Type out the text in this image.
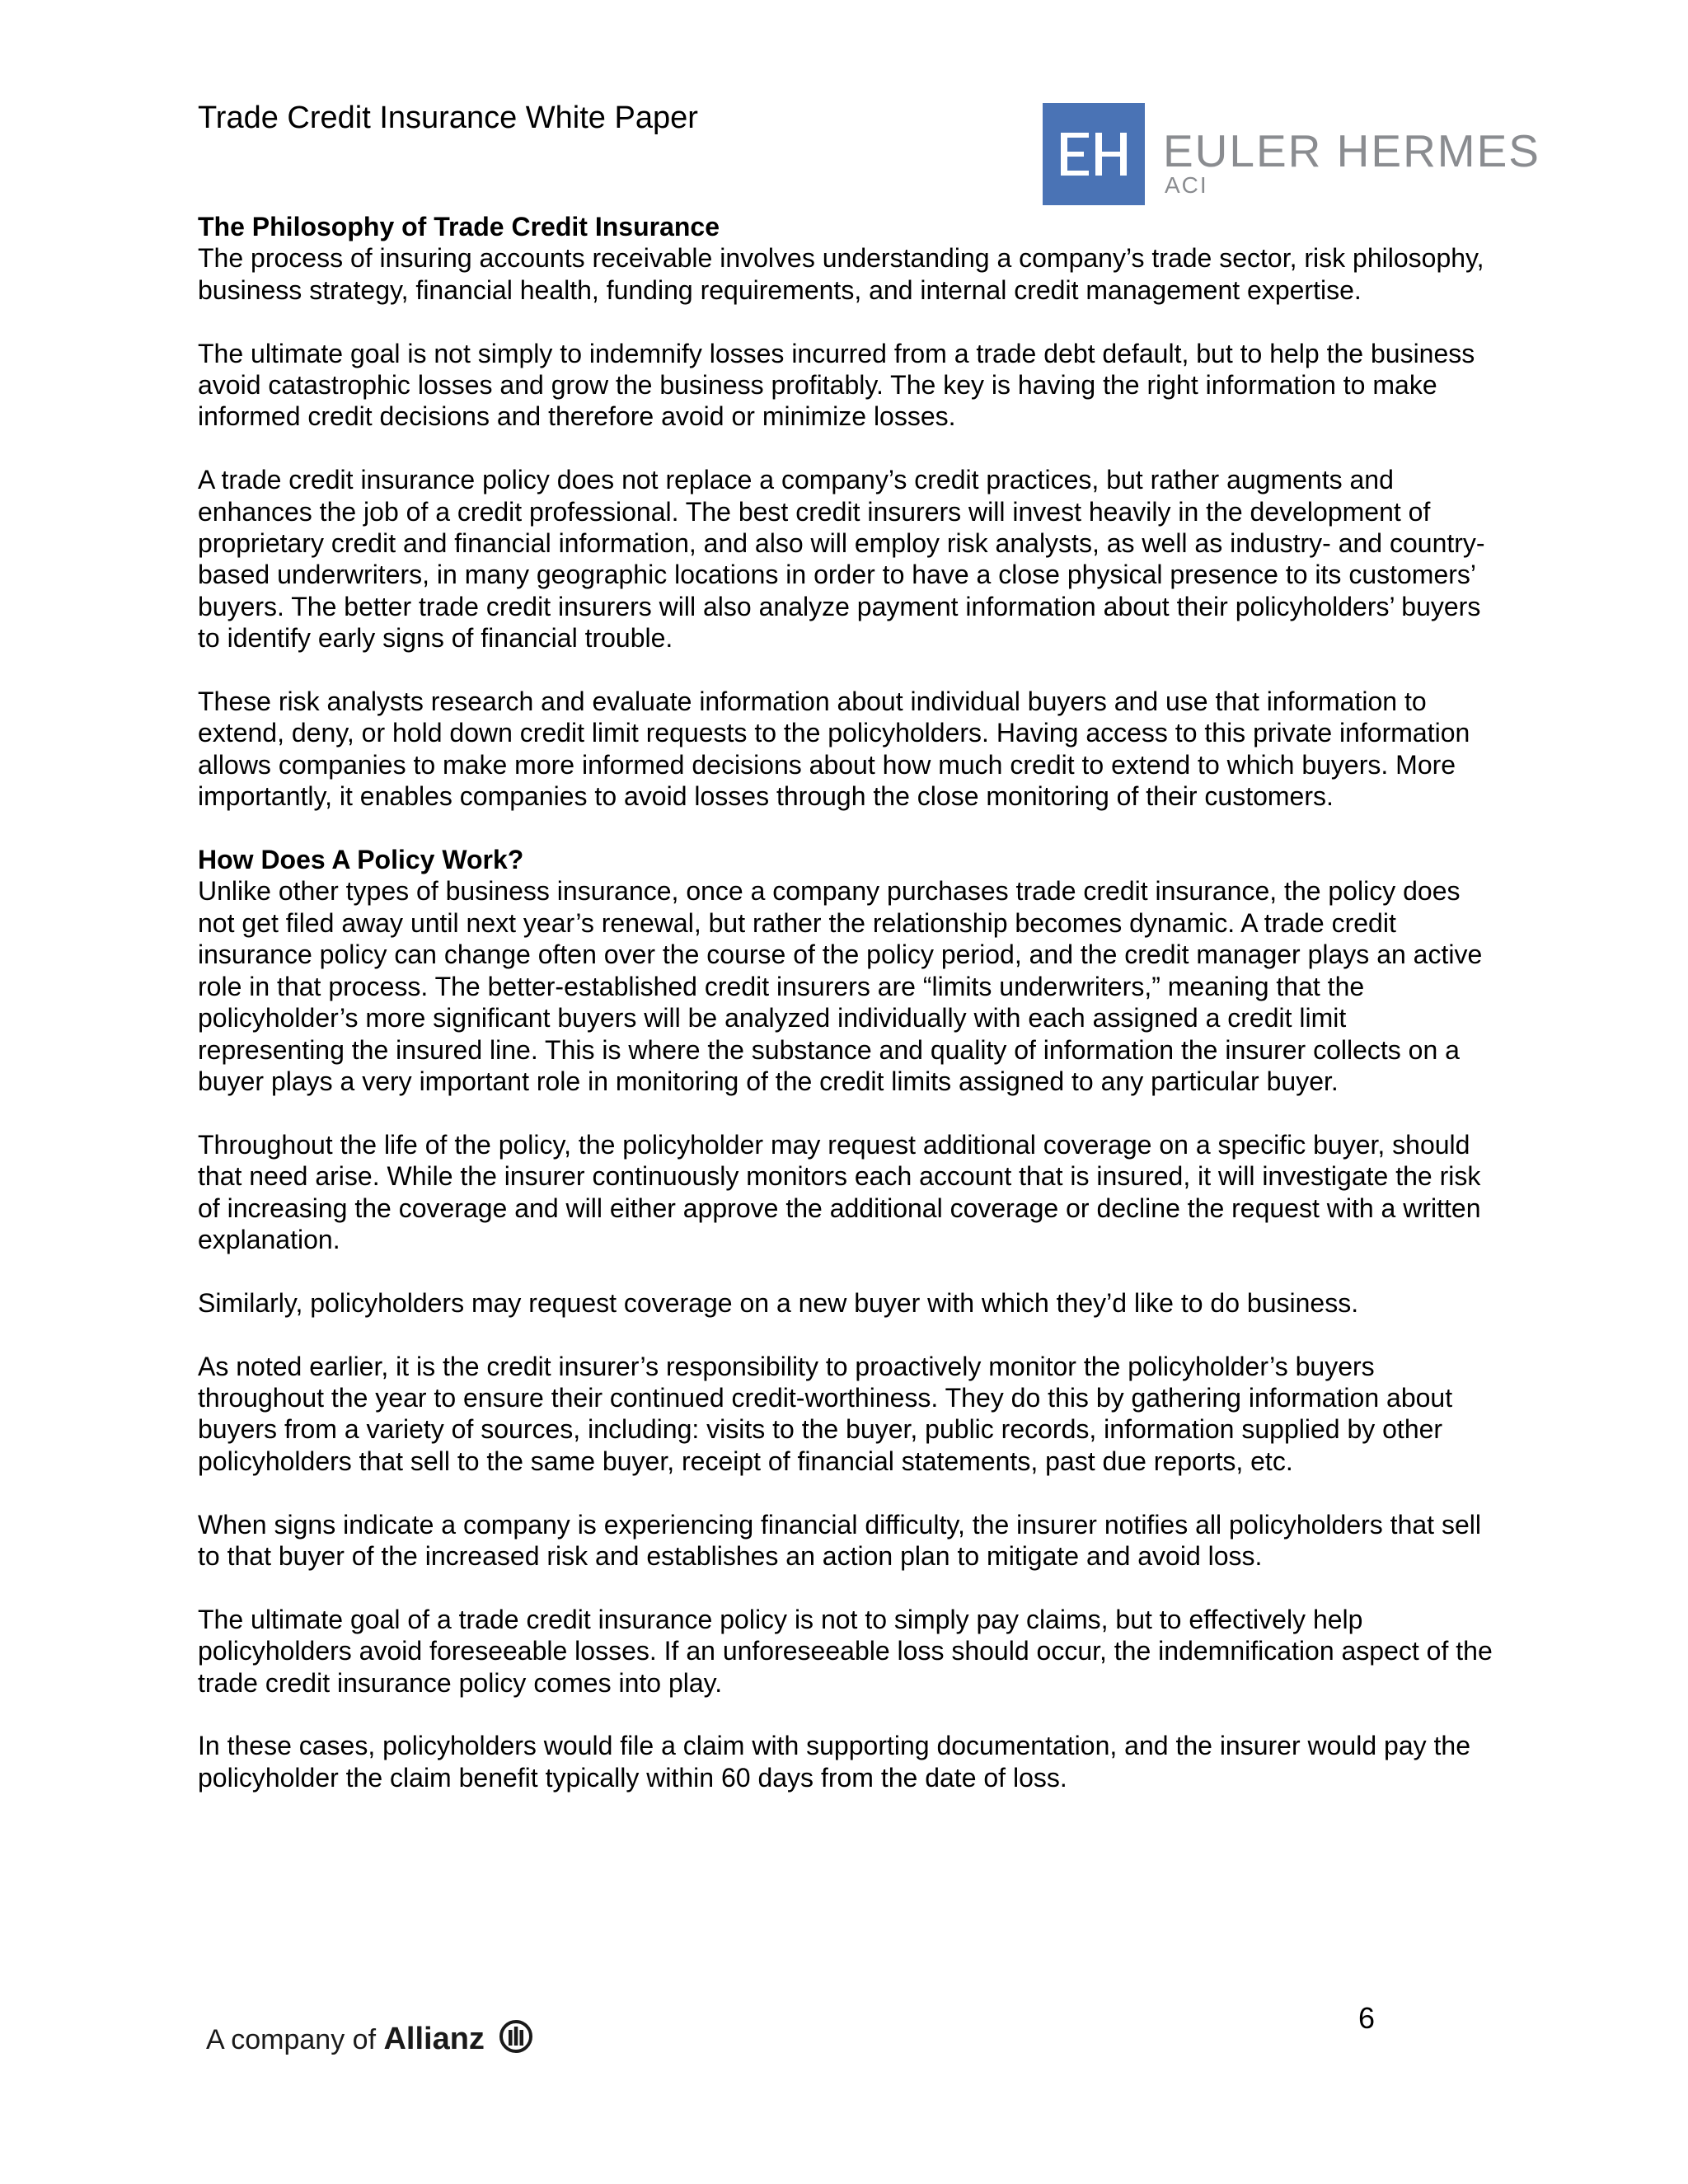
Trade Credit Insurance White Paper
EULER HERMES
ACI
The Philosophy of Trade Credit Insurance

The process of insuring accounts receivable involves understanding a company’s trade sector, risk philosophy, business strategy, financial health, funding requirements, and internal credit management expertise.

The ultimate goal is not simply to indemnify losses incurred from a trade debt default, but to help the business avoid catastrophic losses and grow the business profitably. The key is having the right information to make informed credit decisions and therefore avoid or minimize losses.

A trade credit insurance policy does not replace a company’s credit practices, but rather augments and enhances the job of a credit professional. The best credit insurers will invest heavily in the development of proprietary credit and financial information, and also will employ risk analysts, as well as industry- and country-based underwriters, in many geographic locations in order to have a close physical presence to its customers’ buyers. The better trade credit insurers will also analyze payment information about their policyholders’ buyers to identify early signs of financial trouble.

These risk analysts research and evaluate information about individual buyers and use that information to extend, deny, or hold down credit limit requests to the policyholders. Having access to this private information allows companies to make more informed decisions about how much credit to extend to which buyers. More importantly, it enables companies to avoid losses through the close monitoring of their customers.

How Does A Policy Work?

Unlike other types of business insurance, once a company purchases trade credit insurance, the policy does not get filed away until next year’s renewal, but rather the relationship becomes dynamic. A trade credit insurance policy can change often over the course of the policy period, and the credit manager plays an active role in that process. The better-established credit insurers are “limits underwriters,” meaning that the policyholder’s more significant buyers will be analyzed individually with each assigned a credit limit representing the insured line. This is where the substance and quality of information the insurer collects on a buyer plays a very important role in monitoring of the credit limits assigned to any particular buyer.

Throughout the life of the policy, the policyholder may request additional coverage on a specific buyer, should that need arise. While the insurer continuously monitors each account that is insured, it will investigate the risk of increasing the coverage and will either approve the additional coverage or decline the request with a written explanation.

Similarly, policyholders may request coverage on a new buyer with which they’d like to do business.

As noted earlier, it is the credit insurer’s responsibility to proactively monitor the policyholder’s buyers throughout the year to ensure their continued credit-worthiness. They do this by gathering information about buyers from a variety of sources, including: visits to the buyer, public records, information supplied by other policyholders that sell to the same buyer, receipt of financial statements, past due reports, etc.

When signs indicate a company is experiencing financial difficulty, the insurer notifies all policyholders that sell to that buyer of the increased risk and establishes an action plan to mitigate and avoid loss.

The ultimate goal of a trade credit insurance policy is not to simply pay claims, but to effectively help policyholders avoid foreseeable losses. If an unforeseeable loss should occur, the indemnification aspect of the trade credit insurance policy comes into play.

In these cases, policyholders would file a claim with supporting documentation, and the insurer would pay the policyholder the claim benefit typically within 60 days from the date of loss.

A company of Allianz
6
